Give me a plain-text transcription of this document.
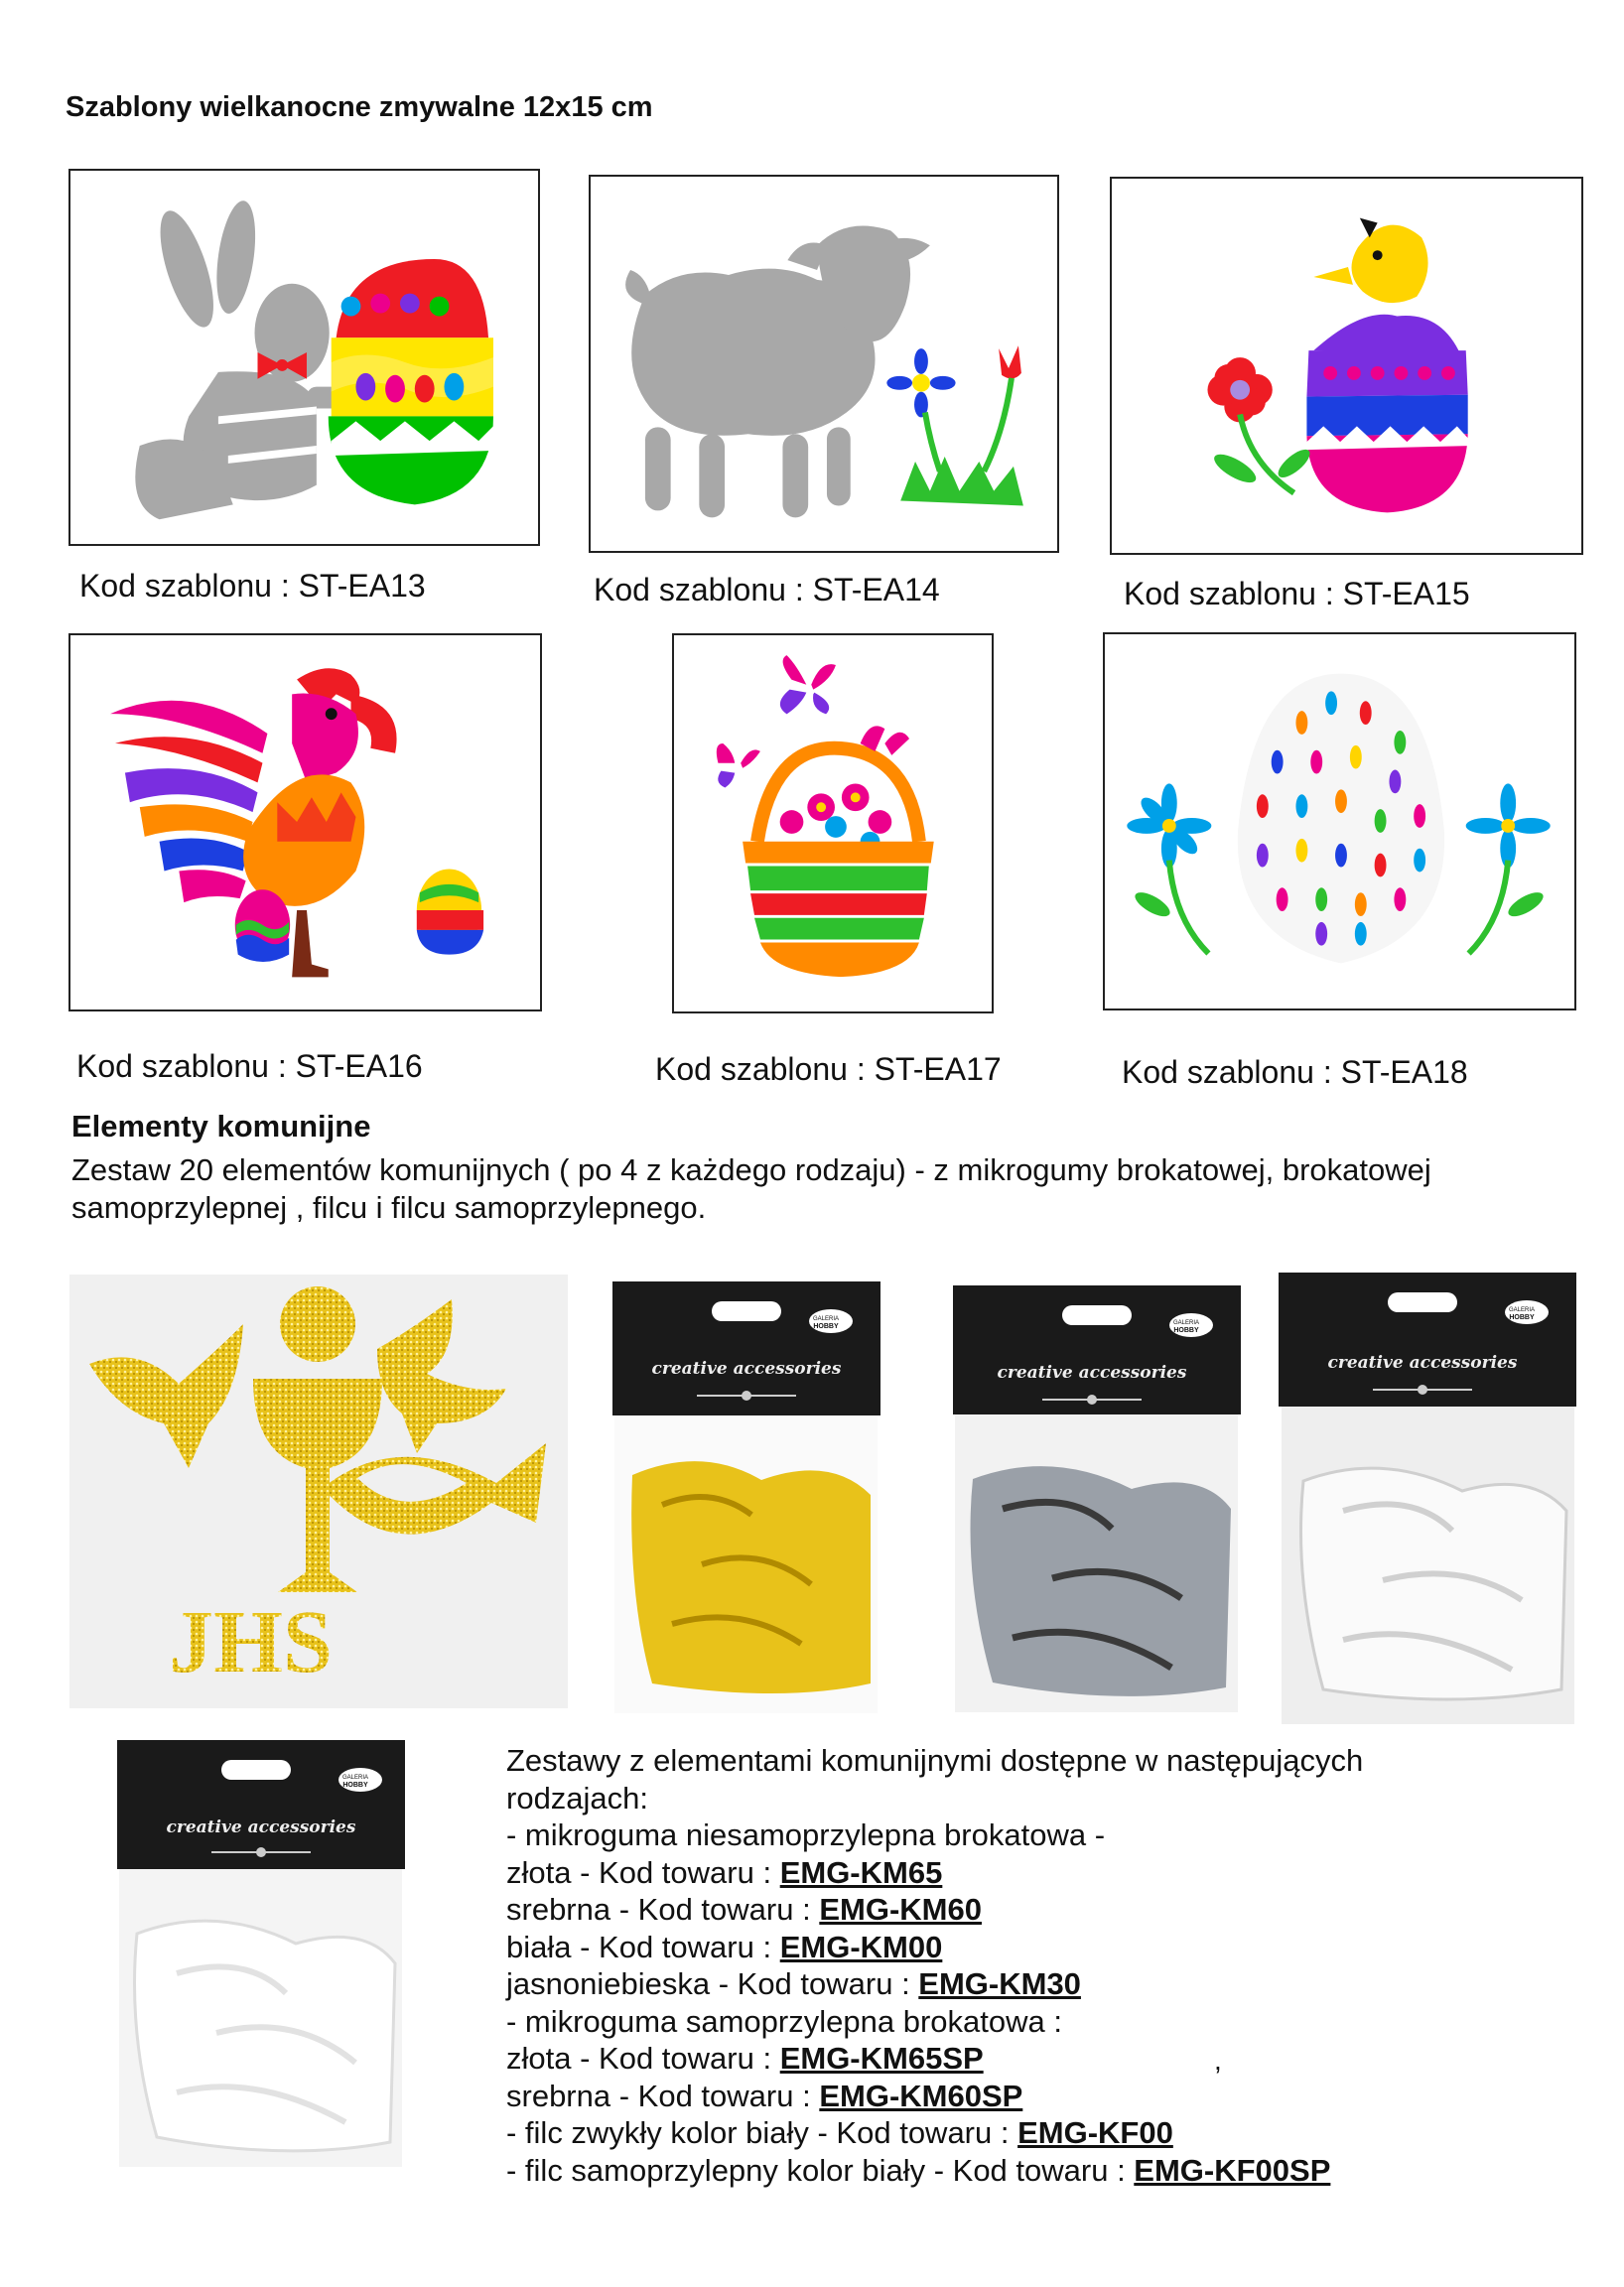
Szablony wielkanocne zmywalne 12x15 cm
Kod szablonu : ST-EA13	Kod szablonu : ST-EA14	Kod szablonu : ST-EA15
Kod szablonu : ST-EA16	Kod szablonu : ST-EA17	Kod szablonu : ST-EA18
Elementy komunijne
Zestaw 20 elementów komunijnych ( po 4 z każdego rodzaju) - z mikrogumy brokatowej, brokatowej samoprzylepnej , filcu i filcu samoprzylepnego.
JHS
GALERIA
HOBBY
creative accessories
GALERIA
HOBBY
creative accessories
GALERIA
HOBBY
creative accessories
GALERIA
HOBBY
creative accessories
Zestawy z elementami komunijnymi dostępne w następujących
rodzajach:
- mikroguma niesamoprzylepna brokatowa -
złota - Kod towaru : EMG-KM65
srebrna - Kod towaru : EMG-KM60
biała - Kod towaru : EMG-KM00
jasnoniebieska - Kod towaru : EMG-KM30
- mikroguma samoprzylepna brokatowa :
złota - Kod towaru : EMG-KM65SP
srebrna - Kod towaru : EMG-KM60SP
- filc zwykły kolor biały - Kod towaru : EMG-KF00
- filc samoprzylepny kolor biały - Kod towaru : EMG-KF00SP
,
